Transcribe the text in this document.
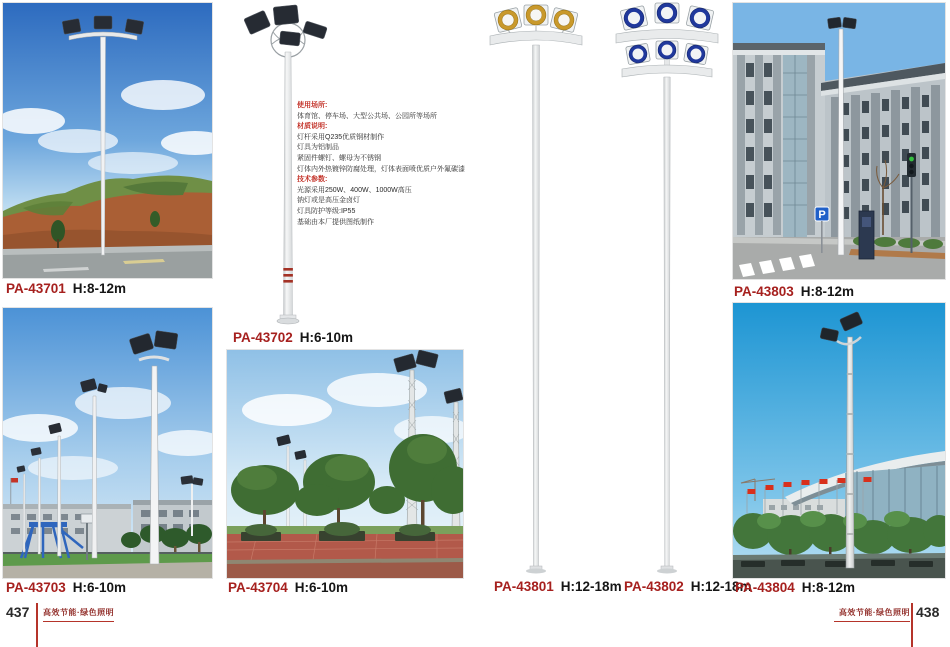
使用场所:
体育馆、停车场、大型公共场、公园所等场所
材质说明:
灯杆采用Q235优质钢材制作
灯具为铝制品
紧固件螺钉、螺母为不锈钢
灯体内外热镀锌防腐处理，灯体表面喷优质户外氟碳漆
技术参数:
光源采用250W、400W、1000W高压
钠灯或是高压金卤灯
灯具防护等级:IP55
基础由本厂提供图纸制作
P
PA-43701 H:8-12m
PA-43702 H:6-10m
PA-43703 H:6-10m	PA-43704 H:6-10m	PA-43801 H:12-18m PA-43802 H:12-18m
PA-43803 H:8-12m
PA-43804 H:8-12m
437 高效节能·绿色照明	高效节能·绿色照明 438
